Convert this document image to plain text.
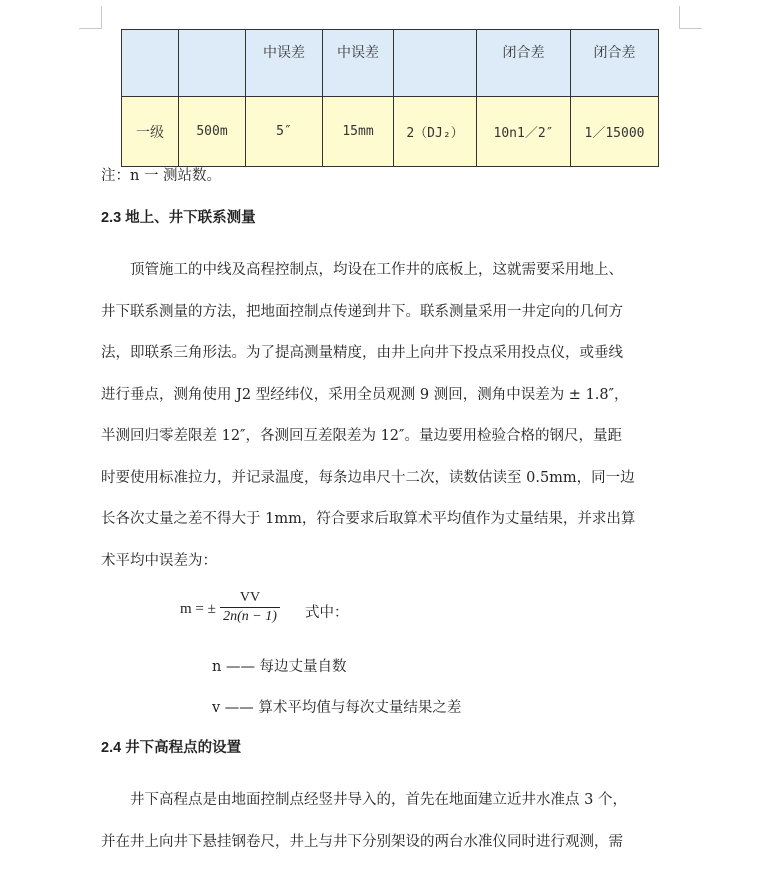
		中误差	中误差		闭合差	闭合差
一级	500m	5″	15mm	2（DJ₂）	10n1／2″	1／15000
注：n 一 测站数。
2.3 地上、井下联系测量
　　顶管施工的中线及高程控制点，均设在工作井的底板上，这就需要采用地上、
井下联系测量的方法，把地面控制点传递到井下。联系测量采用一井定向的几何方
法，即联系三角形法。为了提高测量精度，由井上向井下投点采用投点仪，或垂线
进行垂点，测角使用 J2 型经纬仪，采用全员观测 9 测回，测角中误差为 ± 1.8″，
半测回归零差限差 12″，各测回互差限差为 12″。量边要用检验合格的钢尺，量距
时要使用标准拉力，并记录温度，每条边串尺十二次，读数估读至 0.5mm，同一边
长各次丈量之差不得大于 1mm，符合要求后取算术平均值作为丈量结果，并求出算
术平均中误差为：
m = ± $\frac{VV}{2n(n - 1)}$ 式中：
n —— 每边丈量自数
v —— 算术平均值与每次丈量结果之差
2.4 井下高程点的设置
　　井下高程点是由地面控制点经竖井导入的，首先在地面建立近井水准点 3 个，
并在井上向井下悬挂钢卷尺，井上与井下分别架设的两台水准仪同时进行观测，需
